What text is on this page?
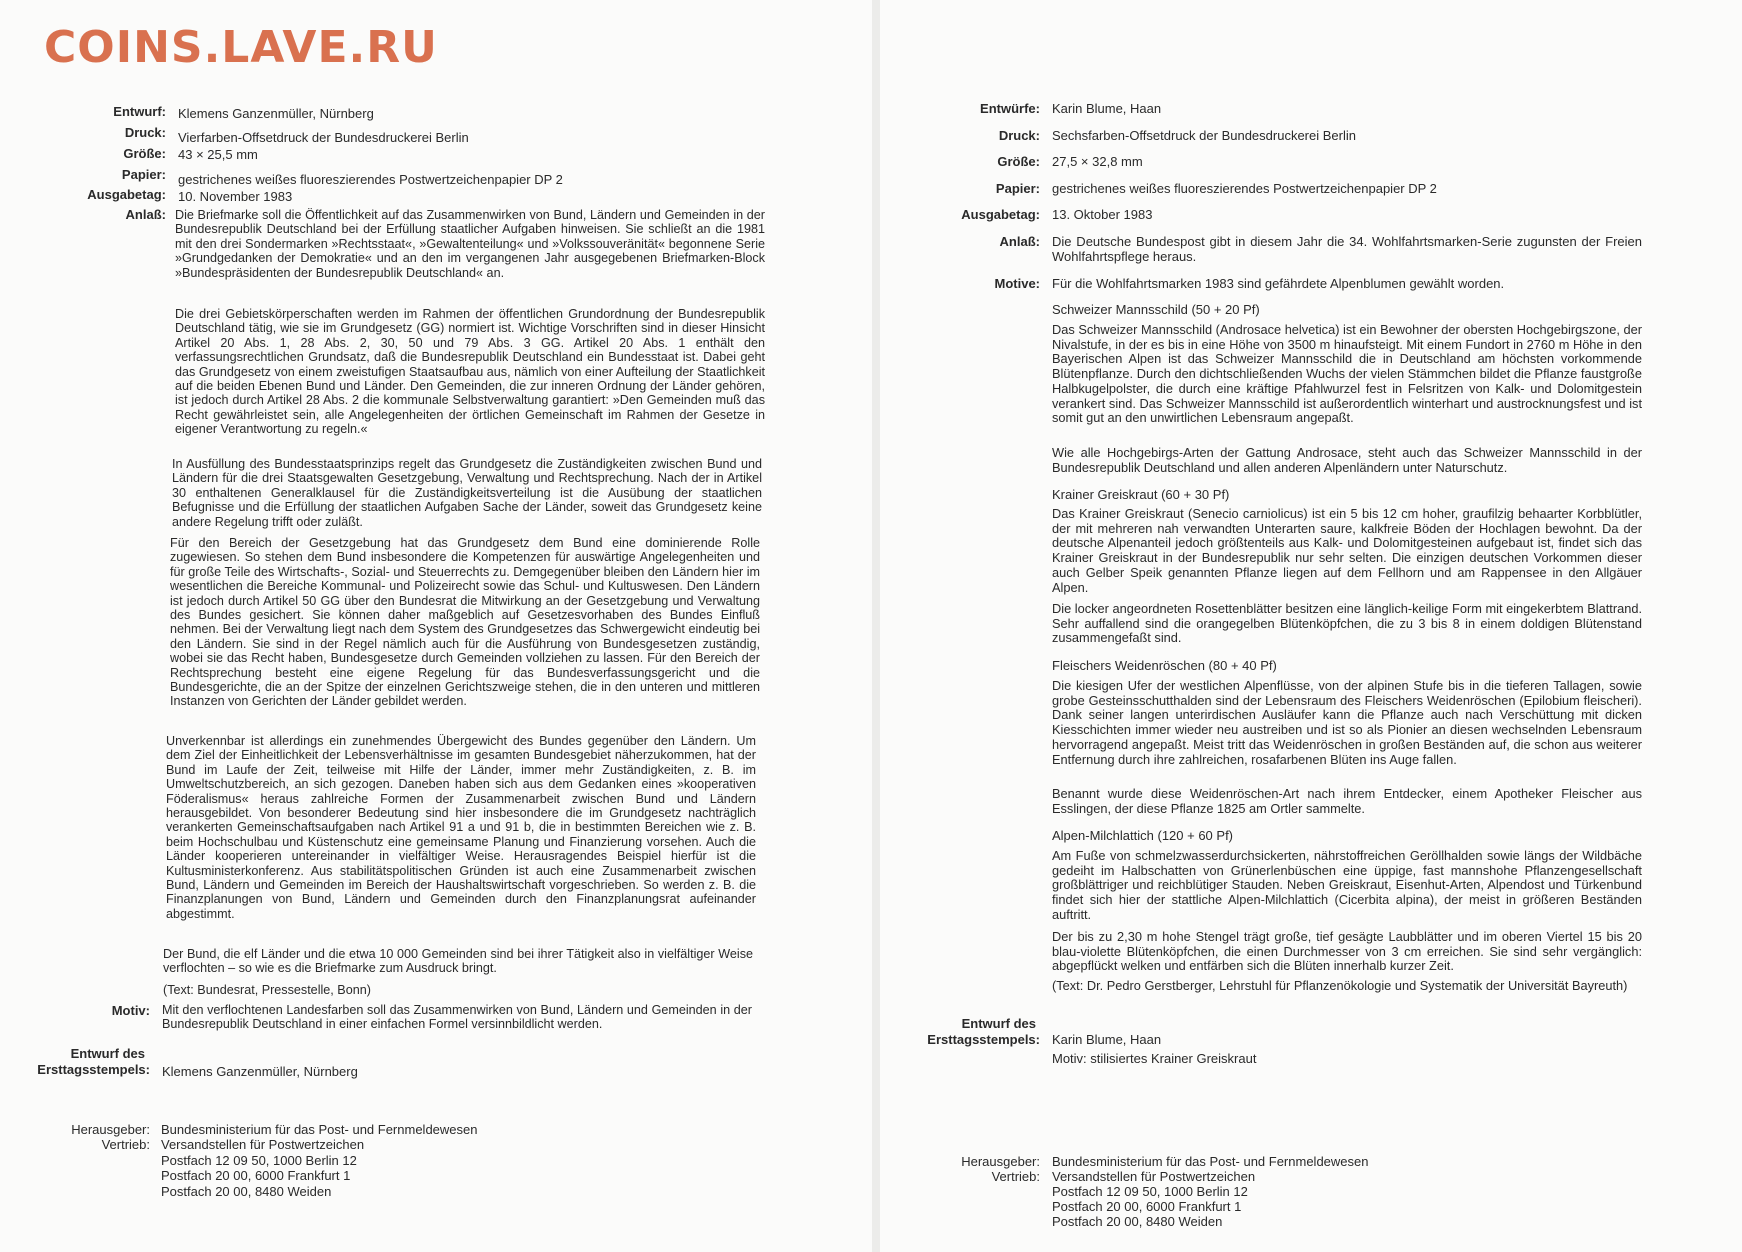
COINS.LAVE.RU
Entwurf: Klemens Ganzenmüller, Nürnberg
Druck: Vierfarben-Offsetdruck der Bundesdruckerei Berlin
Größe: 43 × 25,5 mm
Papier: gestrichenes weißes fluoreszierendes Postwertzeichenpapier DP 2
Ausgabetag: 10. November 1983
Anlaß: Die Briefmarke soll die Öffentlichkeit auf das Zusammenwirken von Bund, Ländern und Gemeinden in der Bundesrepublik Deutschland bei der Erfüllung staatlicher Aufgaben hinweisen. Sie schließt an die 1981 mit den drei Sondermarken »Rechtsstaat«, »Gewaltenteilung« und »Volkssouveränität« begonnene Serie »Grundgedanken der Demokratie« und an den im vergangenen Jahr ausgegebenen Briefmarken-Block »Bundespräsidenten der Bundesrepublik Deutschland« an.
Die drei Gebietskörperschaften werden im Rahmen der öffentlichen Grundordnung der Bundesrepublik Deutschland tätig, wie sie im Grundgesetz (GG) normiert ist. Wichtige Vorschriften sind in dieser Hinsicht Artikel 20 Abs. 1, 28 Abs. 2, 30, 50 und 79 Abs. 3 GG. Artikel 20 Abs. 1 enthält den verfassungsrechtlichen Grundsatz, daß die Bundesrepublik Deutschland ein Bundesstaat ist. Dabei geht das Grundgesetz von einem zweistufigen Staatsaufbau aus, nämlich von einer Aufteilung der Staatlichkeit auf die beiden Ebenen Bund und Länder. Den Gemeinden, die zur inneren Ordnung der Länder gehören, ist jedoch durch Artikel 28 Abs. 2 die kommunale Selbstverwaltung garantiert: »Den Gemeinden muß das Recht gewährleistet sein, alle Angelegenheiten der örtlichen Gemeinschaft im Rahmen der Gesetze in eigener Verantwortung zu regeln.«
In Ausfüllung des Bundesstaatsprinzips regelt das Grundgesetz die Zuständigkeiten zwischen Bund und Ländern für die drei Staatsgewalten Gesetzgebung, Verwaltung und Rechtsprechung. Nach der in Artikel 30 enthaltenen Generalklausel für die Zuständigkeitsverteilung ist die Ausübung der staatlichen Befugnisse und die Erfüllung der staatlichen Aufgaben Sache der Länder, soweit das Grundgesetz keine andere Regelung trifft oder zuläßt.
Für den Bereich der Gesetzgebung hat das Grundgesetz dem Bund eine dominierende Rolle zugewiesen. So stehen dem Bund insbesondere die Kompetenzen für auswärtige Angelegenheiten und für große Teile des Wirtschafts-, Sozial- und Steuerrechts zu. Demgegenüber bleiben den Ländern hier im wesentlichen die Bereiche Kommunal- und Polizeirecht sowie das Schul- und Kultuswesen. Den Ländern ist jedoch durch Artikel 50 GG über den Bundesrat die Mitwirkung an der Gesetzgebung und Verwaltung des Bundes gesichert. Sie können daher maßgeblich auf Gesetzesvorhaben des Bundes Einfluß nehmen. Bei der Verwaltung liegt nach dem System des Grundgesetzes das Schwergewicht eindeutig bei den Ländern. Sie sind in der Regel nämlich auch für die Ausführung von Bundesgesetzen zuständig, wobei sie das Recht haben, Bundesgesetze durch Gemeinden vollziehen zu lassen. Für den Bereich der Rechtsprechung besteht eine eigene Regelung für das Bundesverfassungsgericht und die Bundesgerichte, die an der Spitze der einzelnen Gerichtszweige stehen, die in den unteren und mittleren Instanzen von Gerichten der Länder gebildet werden.
Unverkennbar ist allerdings ein zunehmendes Übergewicht des Bundes gegenüber den Ländern. Um dem Ziel der Einheitlichkeit der Lebensverhältnisse im gesamten Bundesgebiet näherzukommen, hat der Bund im Laufe der Zeit, teilweise mit Hilfe der Länder, immer mehr Zuständigkeiten, z. B. im Umweltschutzbereich, an sich gezogen. Daneben haben sich aus dem Gedanken eines »kooperativen Föderalismus« heraus zahlreiche Formen der Zusammenarbeit zwischen Bund und Ländern herausgebildet. Von besonderer Bedeutung sind hier insbesondere die im Grundgesetz nachträglich verankerten Gemeinschaftsaufgaben nach Artikel 91 a und 91 b, die in bestimmten Bereichen wie z. B. beim Hochschulbau und Küstenschutz eine gemeinsame Planung und Finanzierung vorsehen. Auch die Länder kooperieren untereinander in vielfältiger Weise. Herausragendes Beispiel hierfür ist die Kultusministerkonferenz. Aus stabilitätspolitischen Gründen ist auch eine Zusammenarbeit zwischen Bund, Ländern und Gemeinden im Bereich der Haushaltswirtschaft vorgeschrieben. So werden z. B. die Finanzplanungen von Bund, Ländern und Gemeinden durch den Finanzplanungsrat aufeinander abgestimmt.
Der Bund, die elf Länder und die etwa 10 000 Gemeinden sind bei ihrer Tätigkeit also in vielfältiger Weise verflochten – so wie es die Briefmarke zum Ausdruck bringt.
(Text: Bundesrat, Pressestelle, Bonn)
Motiv: Mit den verflochtenen Landesfarben soll das Zusammenwirken von Bund, Ländern und Gemeinden in der Bundesrepublik Deutschland in einer einfachen Formel versinnbildlicht werden.
Entwurf des
Ersttagsstempels: Klemens Ganzenmüller, Nürnberg
Herausgeber:
Vertrieb:
Bundesministerium für das Post- und Fernmeldewesen
Versandstellen für Postwertzeichen
Postfach 12 09 50, 1000 Berlin 12
Postfach 20 00, 6000 Frankfurt 1
Postfach 20 00, 8480 Weiden
Entwürfe: Karin Blume, Haan
Druck: Sechsfarben-Offsetdruck der Bundesdruckerei Berlin
Größe: 27,5 × 32,8 mm
Papier: gestrichenes weißes fluoreszierendes Postwertzeichenpapier DP 2
Ausgabetag: 13. Oktober 1983
Anlaß: Die Deutsche Bundespost gibt in diesem Jahr die 34. Wohlfahrtsmarken-Serie zugunsten der Freien Wohlfahrtspflege heraus.
Motive: Für die Wohlfahrtsmarken 1983 sind gefährdete Alpenblumen gewählt worden.
Schweizer Mannsschild (50 + 20 Pf)
Das Schweizer Mannsschild (Androsace helvetica) ist ein Bewohner der obersten Hochgebirgszone, der Nivalstufe, in der es bis in eine Höhe von 3500 m hinaufsteigt. Mit einem Fundort in 2760 m Höhe in den Bayerischen Alpen ist das Schweizer Mannsschild die in Deutschland am höchsten vorkommende Blütenpflanze. Durch den dichtschließenden Wuchs der vielen Stämmchen bildet die Pflanze faustgroße Halbkugelpolster, die durch eine kräftige Pfahlwurzel fest in Felsritzen von Kalk- und Dolomitgestein verankert sind. Das Schweizer Mannsschild ist außerordentlich winterhart und austrocknungsfest und ist somit gut an den unwirtlichen Lebensraum angepaßt.
Wie alle Hochgebirgs-Arten der Gattung Androsace, steht auch das Schweizer Mannsschild in der Bundesrepublik Deutschland und allen anderen Alpenländern unter Naturschutz.
Krainer Greiskraut (60 + 30 Pf)
Das Krainer Greiskraut (Senecio carniolicus) ist ein 5 bis 12 cm hoher, graufilzig behaarter Korbblütler, der mit mehreren nah verwandten Unterarten saure, kalkfreie Böden der Hochlagen bewohnt. Da der deutsche Alpenanteil jedoch größtenteils aus Kalk- und Dolomitgesteinen aufgebaut ist, findet sich das Krainer Greiskraut in der Bundesrepublik nur sehr selten. Die einzigen deutschen Vorkommen dieser auch Gelber Speik genannten Pflanze liegen auf dem Fellhorn und am Rappensee in den Allgäuer Alpen.
Die locker angeordneten Rosettenblätter besitzen eine länglich-keilige Form mit eingekerbtem Blattrand. Sehr auffallend sind die orangegelben Blütenköpfchen, die zu 3 bis 8 in einem doldigen Blütenstand zusammengefaßt sind.
Fleischers Weidenröschen (80 + 40 Pf)
Die kiesigen Ufer der westlichen Alpenflüsse, von der alpinen Stufe bis in die tieferen Tallagen, sowie grobe Gesteinsschutthalden sind der Lebensraum des Fleischers Weidenröschen (Epilobium fleischeri). Dank seiner langen unterirdischen Ausläufer kann die Pflanze auch nach Verschüttung mit dicken Kiesschichten immer wieder neu austreiben und ist so als Pionier an diesen wechselnden Lebensraum hervorragend angepaßt. Meist tritt das Weidenröschen in großen Beständen auf, die schon aus weiterer Entfernung durch ihre zahlreichen, rosafarbenen Blüten ins Auge fallen.
Benannt wurde diese Weidenröschen-Art nach ihrem Entdecker, einem Apotheker Fleischer aus Esslingen, der diese Pflanze 1825 am Ortler sammelte.
Alpen-Milchlattich (120 + 60 Pf)
Am Fuße von schmelzwasserdurchsickerten, nährstoffreichen Geröllhalden sowie längs der Wildbäche gedeiht im Halbschatten von Grünerlenbüschen eine üppige, fast mannshohe Pflanzengesellschaft großblättriger und reichblütiger Stauden. Neben Greiskraut, Eisenhut-Arten, Alpendost und Türkenbund findet sich hier der stattliche Alpen-Milchlattich (Cicerbita alpina), der meist in größeren Beständen auftritt.
Der bis zu 2,30 m hohe Stengel trägt große, tief gesägte Laubblätter und im oberen Viertel 15 bis 20 blau-violette Blütenköpfchen, die einen Durchmesser von 3 cm erreichen. Sie sind sehr vergänglich: abgepflückt welken und entfärben sich die Blüten innerhalb kurzer Zeit.
(Text: Dr. Pedro Gerstberger, Lehrstuhl für Pflanzenökologie und Systematik der Universität Bayreuth)
Entwurf des
Ersttagsstempels: Karin Blume, Haan
Motiv: stilisiertes Krainer Greiskraut
Herausgeber:
Vertrieb:
Bundesministerium für das Post- und Fernmeldewesen
Versandstellen für Postwertzeichen
Postfach 12 09 50, 1000 Berlin 12
Postfach 20 00, 6000 Frankfurt 1
Postfach 20 00, 8480 Weiden
